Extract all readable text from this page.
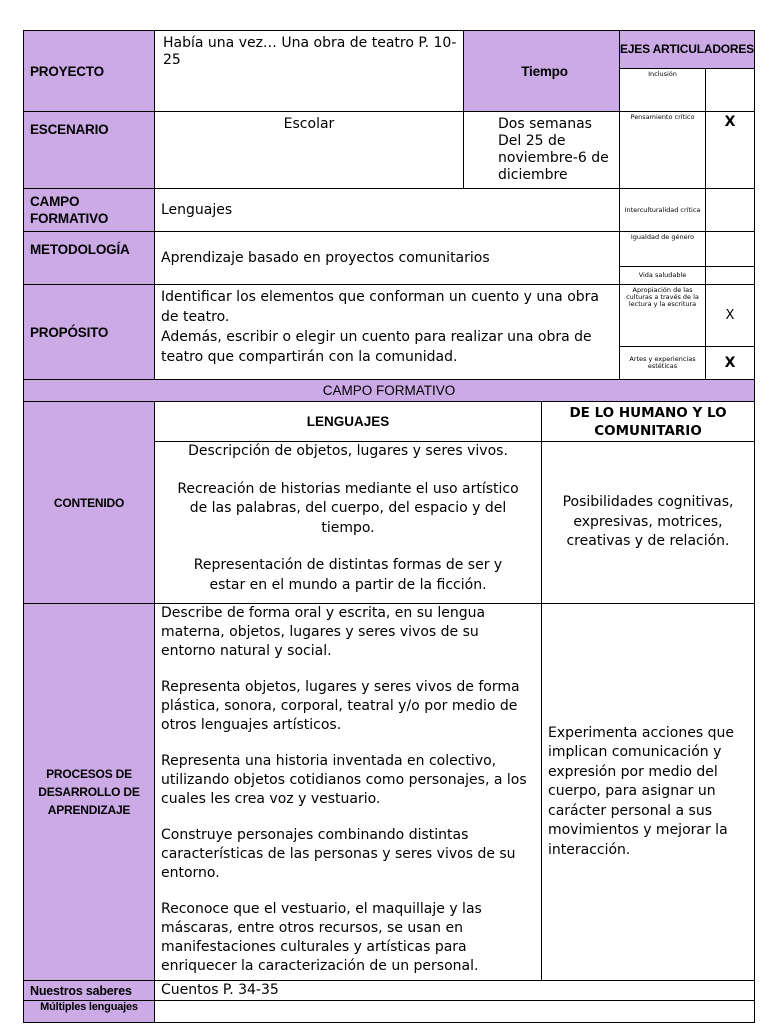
PROYECTO	Había una vez… Una obra de teatro P. 10-25	Tiempo		EJES ARTICULADORES	
				Inclusión	
ESCENARIO	Escolar	Dos semanas Del 25 de noviembre-6 de diciembre		Pensamiento crítico	X
CAMPO FORMATIVO	Lenguajes			Interculturalidad crítica	
METODOLOGÍA	Aprendizaje basado en proyectos comunitarios			Igualdad de género	
				Vida saludable	
PROPÓSITO	Identificar los elementos que conforman un cuento y una obra de teatro.
Además, escribir o elegir un cuento para realizar una obra de teatro que compartirán con la comunidad.			Apropiación de las culturas a través de la lectura y la escritura	X
				Artes y experiencias estéticas	X
CAMPO FORMATIVO					
CONTENIDO	LENGUAJES		DE LO HUMANO Y LO COMUNITARIO		

	Descripción de objetos, lugares y seres vivos.
Recreación de historias mediante el uso artístico de las palabras, del cuerpo, del espacio y del tiempo.
Representación de distintas formas de ser y estar en el mundo a partir de la ficción.		Posibilidades cognitivas, expresivas, motrices, creativas y de relación.		
PROCESOS DE DESARROLLO DE APRENDIZAJE	Describe de forma oral y escrita, en su lengua materna, objetos, lugares y seres vivos de su entorno natural y social.
Representa objetos, lugares y seres vivos de forma plástica, sonora, corporal, teatral y/o por medio de otros lenguajes artísticos.
Representa una historia inventada en colectivo, utilizando objetos cotidianos como personajes, a los cuales les crea voz y vestuario.
Construye personajes combinando distintas características de las personas y seres vivos de su entorno.
Reconoce que el vestuario, el maquillaje y las máscaras, entre otros recursos, se usan en manifestaciones culturales y artísticas para enriquecer la caracterización de un personal.		Experimenta acciones que implican comunicación y expresión por medio del cuerpo, para asignar un carácter personal a sus movimientos y mejorar la interacción.		
Nuestros saberes	Cuentos P. 34-35				
Múltiples lenguajes					
